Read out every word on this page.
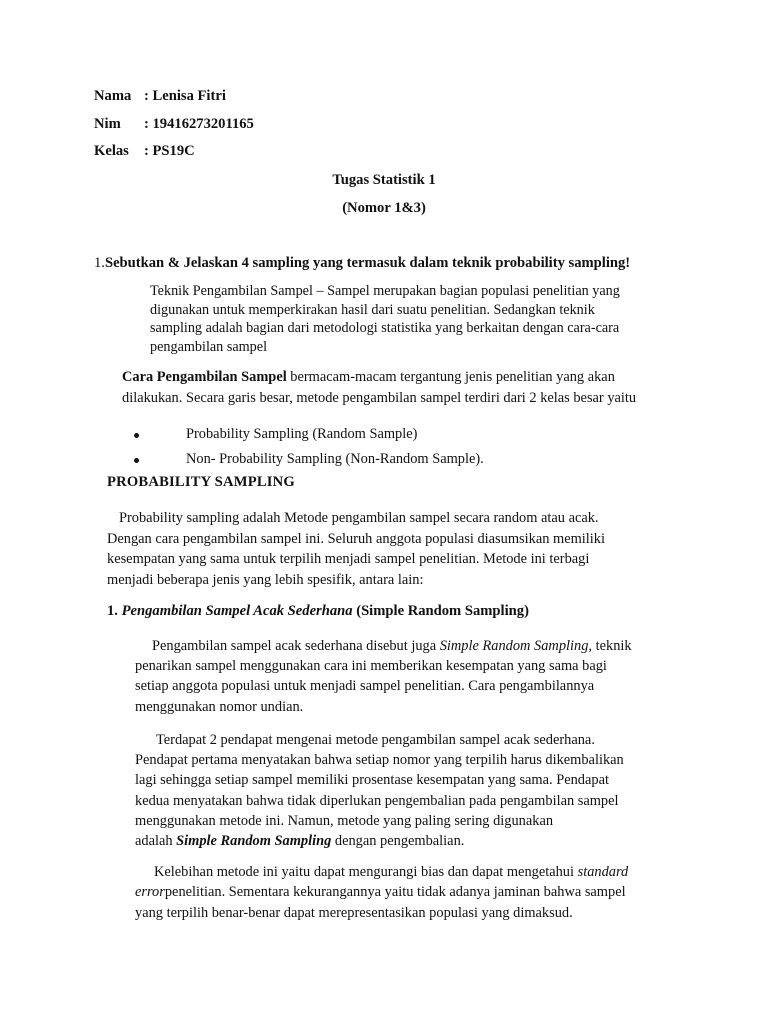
Nama : Lenisa Fitri
Nim : 19416273201165
Kelas : PS19C
Tugas Statistik 1
(Nomor 1&3)
1.Sebutkan & Jelaskan 4 sampling yang termasuk dalam teknik probability sampling!

Teknik Pengambilan Sampel – Sampel merupakan bagian populasi penelitian yang

digunakan untuk memperkirakan hasil dari suatu penelitian. Sedangkan teknik

sampling adalah bagian dari metodologi statistika yang berkaitan dengan cara-cara

pengambilan sampel

Cara Pengambilan Sampel bermacam-macam tergantung jenis penelitian yang akan

dilakukan. Secara garis besar, metode pengambilan sampel terdiri dari 2 kelas besar yaitu

Probability Sampling (Random Sample)
Non- Probability Sampling (Non-Random Sample).
PROBABILITY SAMPLING

Probability sampling adalah Metode pengambilan sampel secara random atau acak.

Dengan cara pengambilan sampel ini. Seluruh anggota populasi diasumsikan memiliki

kesempatan yang sama untuk terpilih menjadi sampel penelitian. Metode ini terbagi

menjadi beberapa jenis yang lebih spesifik, antara lain:

1. Pengambilan Sampel Acak Sederhana (Simple Random Sampling)

Pengambilan sampel acak sederhana disebut juga Simple Random Sampling, teknik

penarikan sampel menggunakan cara ini memberikan kesempatan yang sama bagi

setiap anggota populasi untuk menjadi sampel penelitian. Cara pengambilannya

menggunakan nomor undian.

Terdapat 2 pendapat mengenai metode pengambilan sampel acak sederhana.

Pendapat pertama menyatakan bahwa setiap nomor yang terpilih harus dikembalikan

lagi sehingga setiap sampel memiliki prosentase kesempatan yang sama. Pendapat

kedua menyatakan bahwa tidak diperlukan pengembalian pada pengambilan sampel

menggunakan metode ini. Namun, metode yang paling sering digunakan

adalah Simple Random Sampling dengan pengembalian.

Kelebihan metode ini yaitu dapat mengurangi bias dan dapat mengetahui standard

errorpenelitian. Sementara kekurangannya yaitu tidak adanya jaminan bahwa sampel

yang terpilih benar-benar dapat merepresentasikan populasi yang dimaksud.
